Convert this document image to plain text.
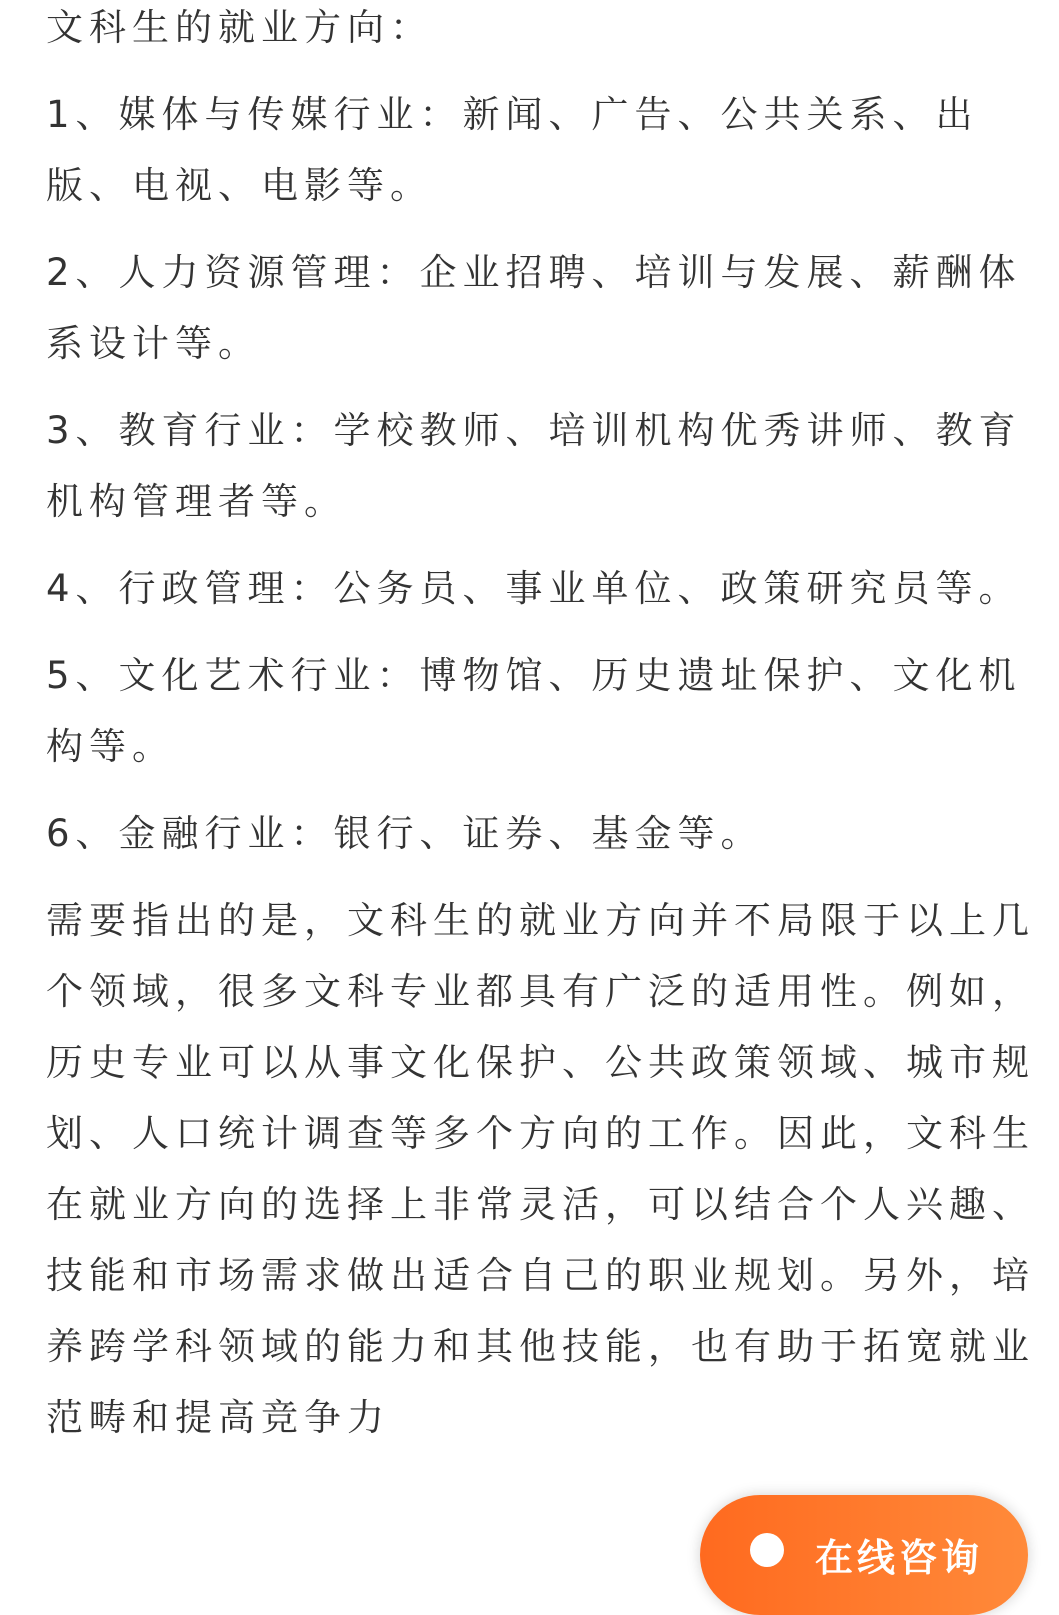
文科生的就业方向：

1、媒体与传媒行业：新闻、广告、公共关系、出版、电视、电影等。

2、人力资源管理：企业招聘、培训与发展、薪酬体系设计等。

3、教育行业：学校教师、培训机构优秀讲师、教育机构管理者等。

4、行政管理：公务员、事业单位、政策研究员等。

5、文化艺术行业：博物馆、历史遗址保护、文化机构等。

6、金融行业：银行、证券、基金等。

需要指出的是，文科生的就业方向并不局限于以上几个领域，很多文科专业都具有广泛的适用性。例如，历史专业可以从事文化保护、公共政策领域、城市规划、人口统计调查等多个方向的工作。因此，文科生在就业方向的选择上非常灵活，可以结合个人兴趣、技能和市场需求做出适合自己的职业规划。另外，培养跨学科领域的能力和其他技能，也有助于拓宽就业范畴和提高竞争力

在线咨询
